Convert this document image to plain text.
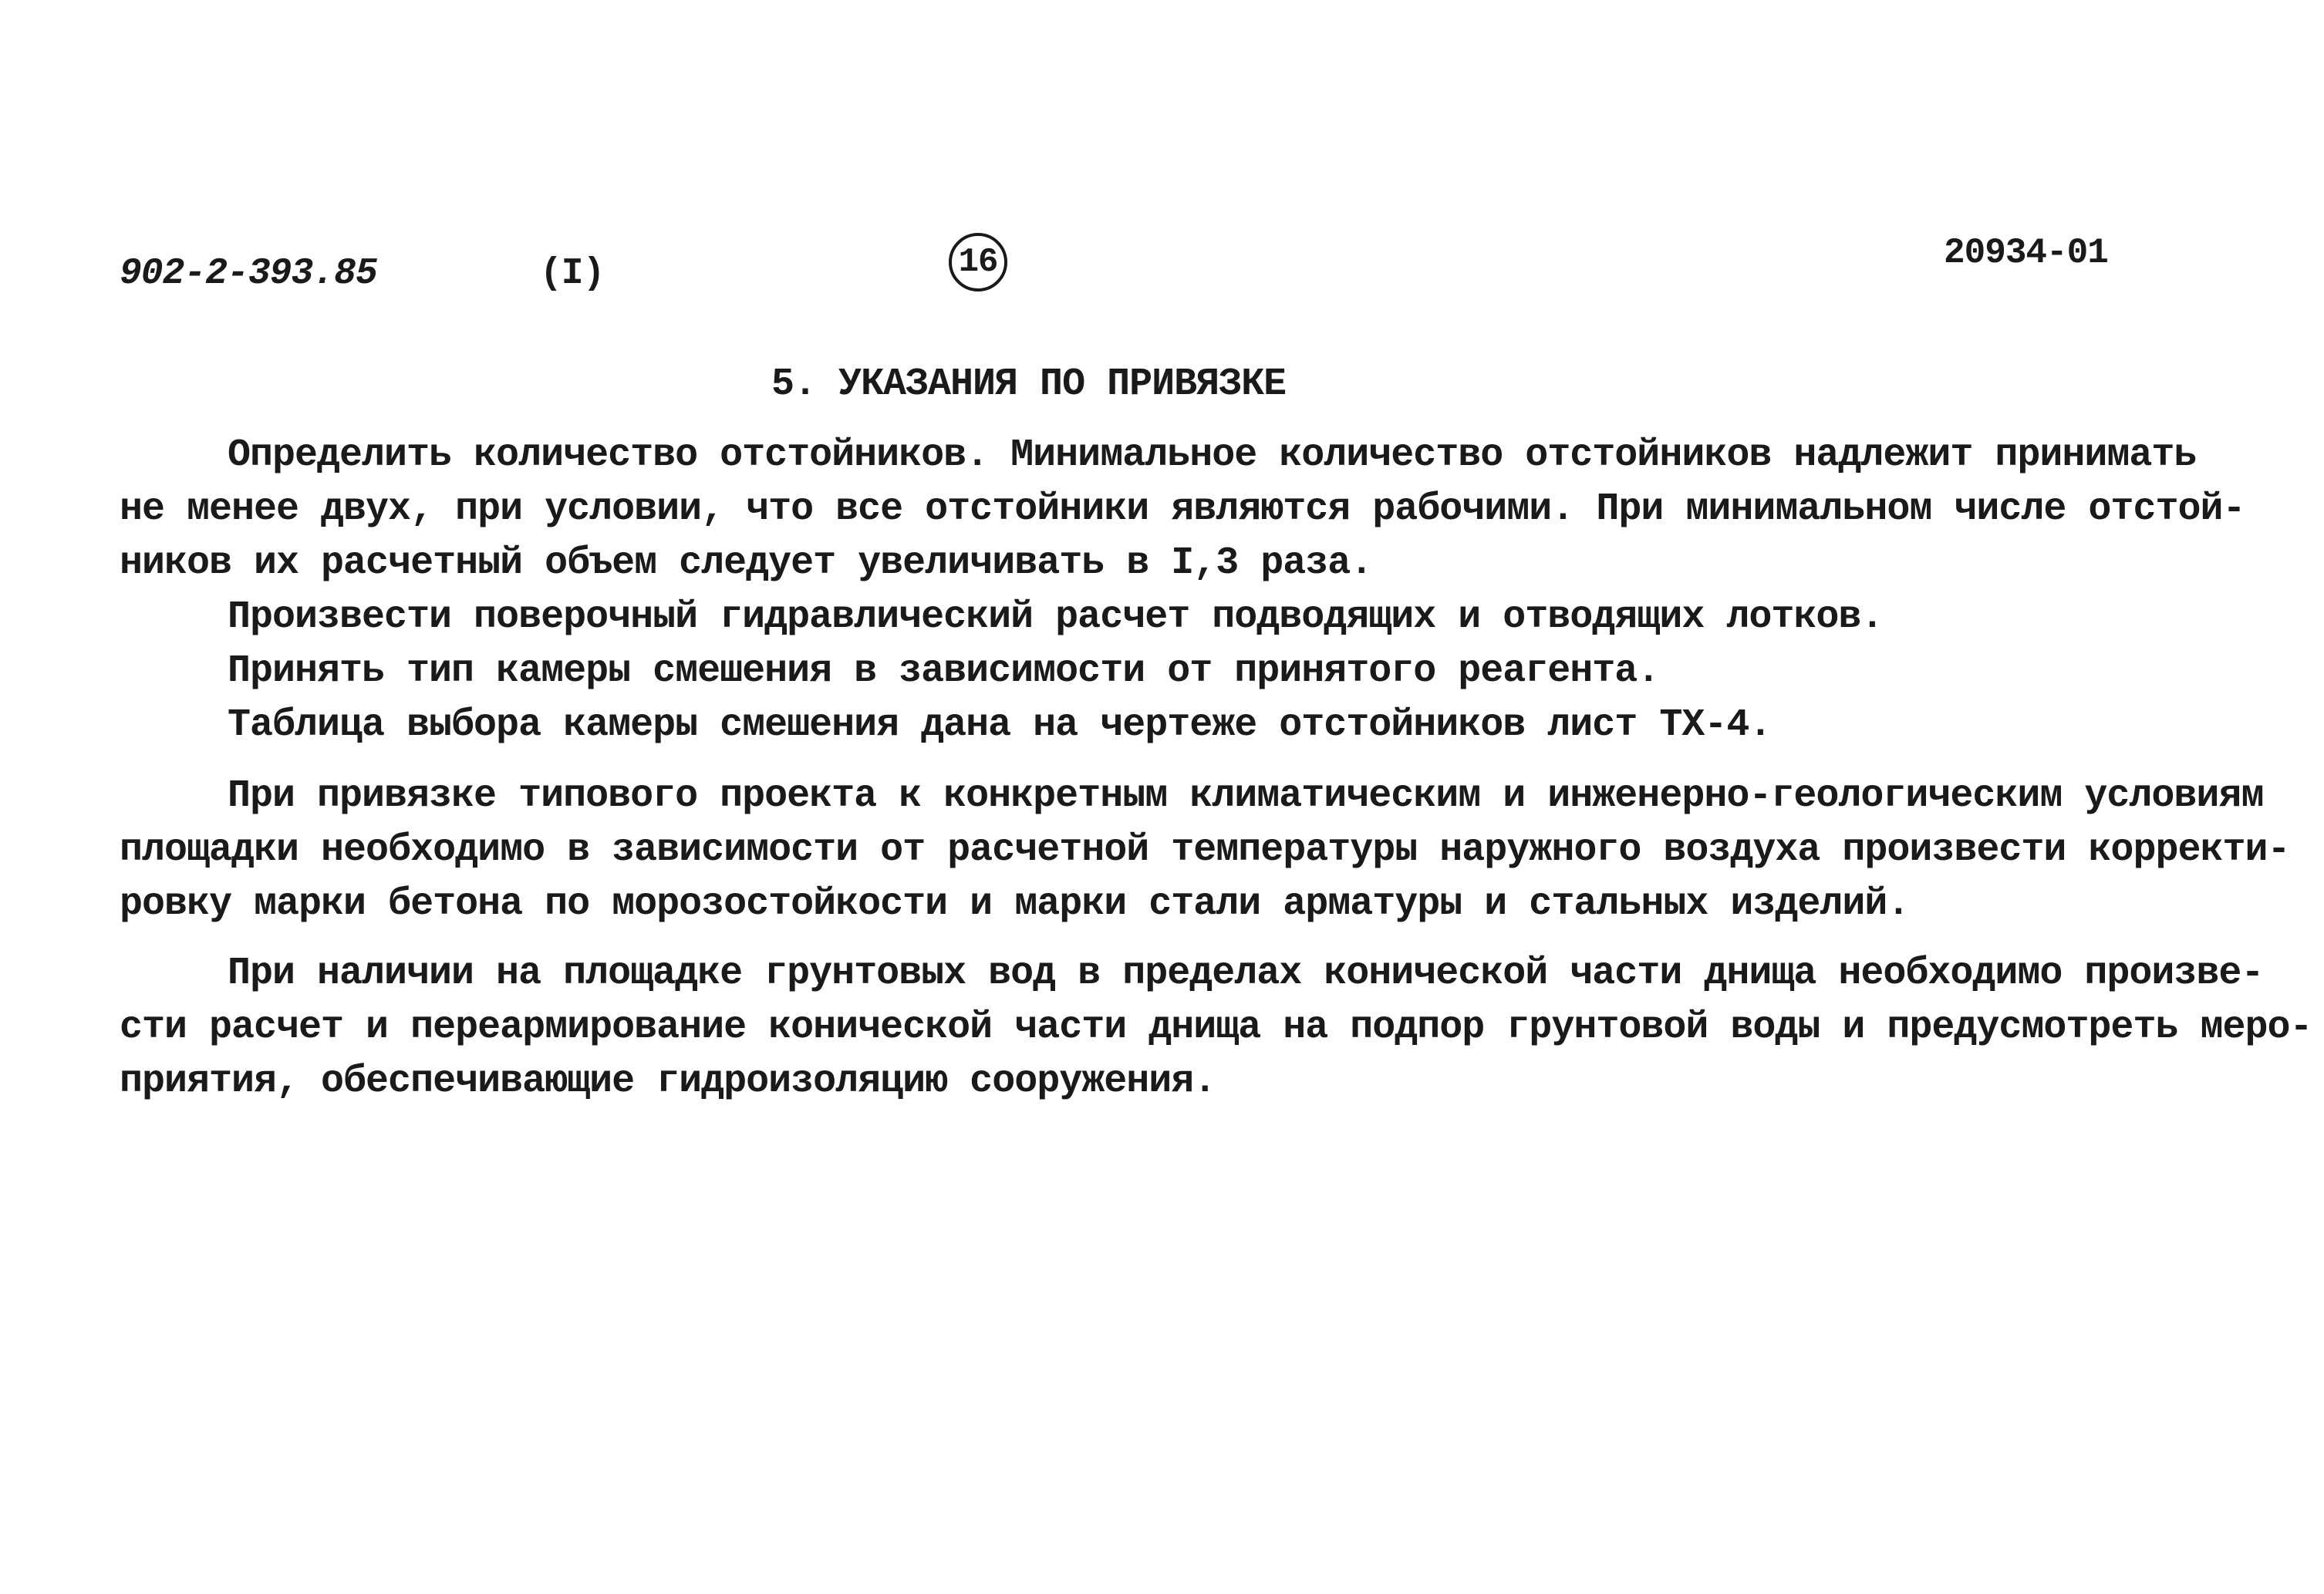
902-2-393.85	(I)	16	20934-01
5. УКАЗАНИЯ ПО ПРИВЯЗКЕ
Определить количество отстойников. Минимальное количество отстойников надлежит принимать
не менее двух, при условии, что все отстойники являются рабочими. При минимальном числе отстой-
ников их расчетный объем следует увеличивать в I,3 раза.
Произвести поверочный гидравлический расчет подводящих и отводящих лотков.
Принять тип камеры смешения в зависимости от принятого реагента.
Таблица выбора камеры смешения дана на чертеже отстойников лист ТХ-4.
При привязке типового проекта к конкретным климатическим и инженерно-геологическим условиям
площадки необходимо в зависимости от расчетной температуры наружного воздуха произвести корректи-
ровку марки бетона по морозостойкости и марки стали арматуры и стальных изделий.
При наличии на площадке грунтовых вод в пределах конической части днища необходимо произве-
сти расчет и переармирование конической части днища на подпор грунтовой воды и предусмотреть меро-
приятия, обеспечивающие гидроизоляцию сооружения.
